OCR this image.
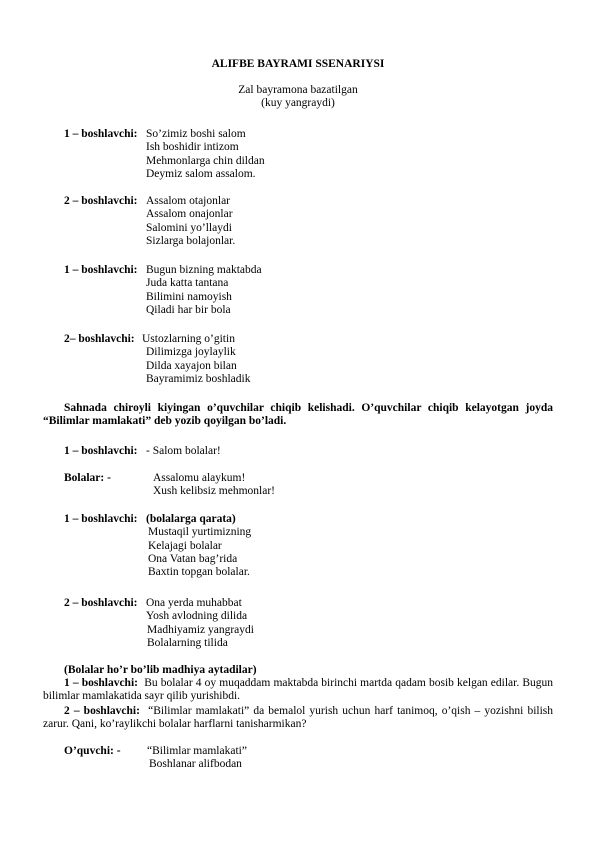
ALIFBE BAYRAMI SSENARIYSI
Zal bayramona bazatilgan
(kuy yangraydi)
1 – boshlavchi: So’zimiz boshi salom
Ish boshidir intizom
Mehmonlarga chin dildan
Deymiz salom assalom.
2 – boshlavchi: Assalom otajonlar
Assalom onajonlar
Salomini yo’llaydi
Sizlarga bolajonlar.
1 – boshlavchi: Bugun bizning maktabda
Juda katta tantana
Bilimini namoyish
Qiladi har bir bola
2– boshlavchi: Ustozlarning o’gitin
Dilimizga joylaylik
Dilda xayajon bilan
Bayramimiz boshladik
Sahnada chiroyli kiyingan o’quvchilar chiqib kelishadi. O’quvchilar chiqib kelayotgan joyda “Bilimlar mamlakati” deb yozib qoyilgan bo’ladi.
1 – boshlavchi: - Salom bolalar!
Bolalar: -	Assalomu alaykum!
Xush kelibsiz mehmonlar!
1 – boshlavchi: (bolalarga qarata)
Mustaqil yurtimizning
Kelajagi bolalar
Ona Vatan bag’rida
Baxtin topgan bolalar.
2 – boshlavchi: Ona yerda muhabbat
Yosh avlodning dilida
Madhiyamiz yangraydi
Bolalarning tilida
(Bolalar ho’r bo’lib madhiya aytadilar)
1 – boshlavchi: Bu bolalar 4 oy muqaddam maktabda birinchi martda qadam bosib kelgan edilar. Bugun bilimlar mamlakatida sayr qilib yurishibdi.
2 – boshlavchi: “Bilimlar mamlakati” da bemalol yurish uchun harf tanimoq, o’qish – yozishni bilish zarur. Qani, ko’raylikchi bolalar harflarni tanisharmikan?
O’quvchi: - “Bilimlar mamlakati”
Boshlanar alifbodan
